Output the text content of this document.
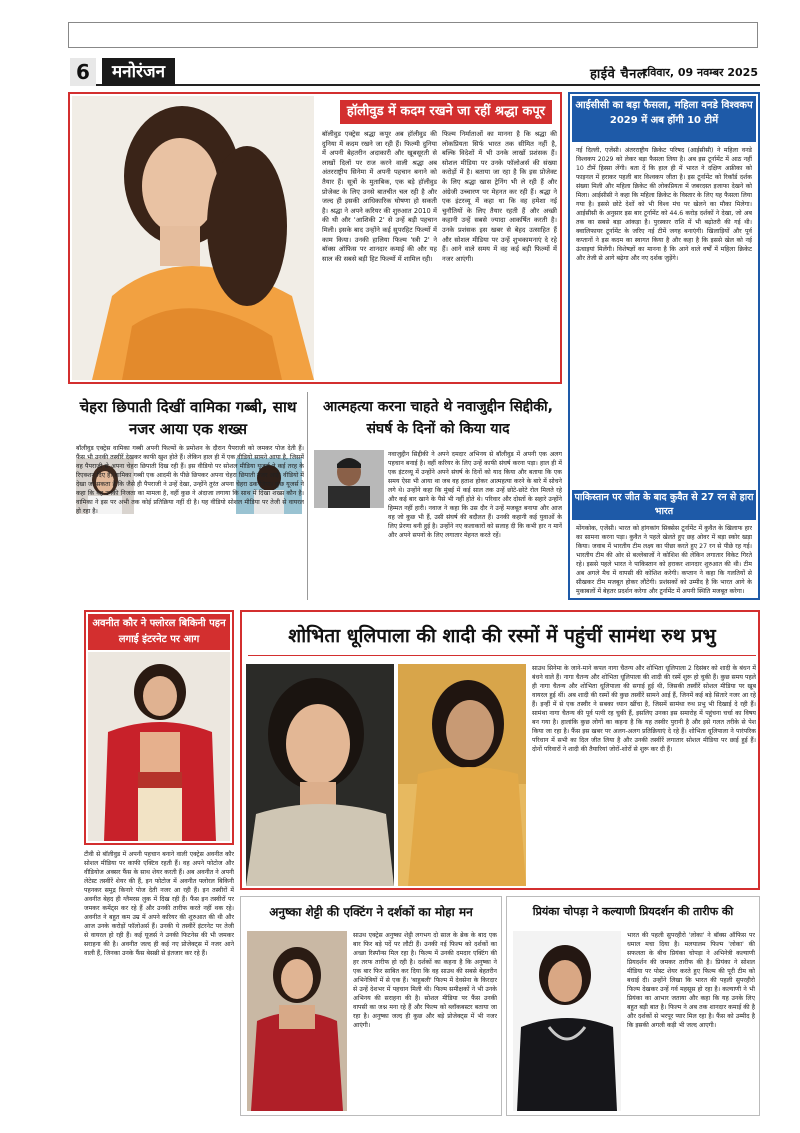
6	मनोरंजन	हाईवे चैनल
रविवार, 09 नवम्बर 2025
हॉलीवुड में कदम रखने जा रहीं श्रद्धा कपूर
बॉलीवुड एक्ट्रेस श्रद्धा कपूर अब हॉलीवुड की दुनिया में कदम रखने जा रही हैं। फिल्मी दुनिया में अपनी बेहतरीन अदाकारी और खूबसूरती से लाखों दिलों पर राज करने वाली श्रद्धा अब अंतरराष्ट्रीय सिनेमा में अपनी पहचान बनाने को तैयार हैं। सूत्रों के मुताबिक, एक बड़े हॉलीवुड प्रोजेक्ट के लिए उनसे बातचीत चल रही है और जल्द ही इसकी आधिकारिक घोषणा हो सकती है। श्रद्धा ने अपने करियर की शुरुआत 2010 में की थी और 'आशिकी 2' से उन्हें बड़ी पहचान मिली। इसके बाद उन्होंने कई सुपरहिट फिल्मों में काम किया। उनकी हालिया फिल्म 'स्त्री 2' ने बॉक्स ऑफिस पर शानदार कमाई की और यह साल की सबसे बड़ी हिट फिल्मों में शामिल रही।
फिल्म निर्माताओं का मानना है कि श्रद्धा की लोकप्रियता सिर्फ भारत तक सीमित नहीं है, बल्कि विदेशों में भी उनके लाखों प्रशंसक हैं। सोशल मीडिया पर उनके फॉलोअर्स की संख्या करोड़ों में है। बताया जा रहा है कि इस प्रोजेक्ट के लिए श्रद्धा खास ट्रेनिंग भी ले रही हैं और अंग्रेजी उच्चारण पर मेहनत कर रही हैं। श्रद्धा ने एक इंटरव्यू में कहा था कि वह हमेशा नई चुनौतियों के लिए तैयार रहती हैं और अच्छी कहानी उन्हें सबसे ज्यादा आकर्षित करती है। उनके प्रशंसक इस खबर से बेहद उत्साहित हैं और सोशल मीडिया पर उन्हें शुभकामनाएं दे रहे हैं। आने वाले समय में वह कई बड़ी फिल्मों में नजर आएंगी।
आईसीसी का बड़ा फैसला, महिला वनडे विश्वकप 2029 में अब होंगी 10 टीमें
नई दिल्ली, एजेंसी। अंतरराष्ट्रीय क्रिकेट परिषद (आईसीसी) ने महिला वनडे विश्वकप 2029 को लेकर बड़ा फैसला लिया है। अब इस टूर्नामेंट में आठ नहीं 10 टीमें हिस्सा लेंगी। बता दें कि हाल ही में भारत ने दक्षिण अफ्रीका को फाइनल में हराकर पहली बार विश्वकप जीता है। इस टूर्नामेंट को रिकॉर्ड दर्शक संख्या मिली और महिला क्रिकेट की लोकप्रियता में जबरदस्त इजाफा देखने को मिला। आईसीसी ने कहा कि महिला क्रिकेट के विस्तार के लिए यह फैसला लिया गया है। इससे छोटे देशों को भी विश्व मंच पर खेलने का मौका मिलेगा। आईसीसी के अनुसार इस बार टूर्नामेंट को 44.6 करोड़ दर्शकों ने देखा, जो अब तक का सबसे बड़ा आंकड़ा है। पुरस्कार राशि में भी बढ़ोतरी की गई थी। क्वालिफायर टूर्नामेंट के जरिए नई टीमें जगह बनाएंगी। खिलाड़ियों और पूर्व कप्तानों ने इस कदम का स्वागत किया है और कहा है कि इससे खेल को नई ऊंचाइयां मिलेंगी। विशेषज्ञों का मानना है कि आने वाले वर्षों में महिला क्रिकेट और तेजी से आगे बढ़ेगा और नए दर्शक जुड़ेंगे।
पाकिस्तान पर जीत के बाद कुवैत से 27 रन से हारा भारत
मोंगकोक, एजेंसी। भारत को हांगकांग सिक्सेस टूर्नामेंट में कुवैत के खिलाफ हार का सामना करना पड़ा। कुवैत ने पहले खेलते हुए छह ओवर में बड़ा स्कोर खड़ा किया। जवाब में भारतीय टीम लक्ष्य का पीछा करते हुए 27 रन से पीछे रह गई। भारतीय टीम की ओर से बल्लेबाजों ने कोशिश की लेकिन लगातार विकेट गिरते रहे। इससे पहले भारत ने पाकिस्तान को हराकर शानदार शुरुआत की थी। टीम अब अगले मैच में वापसी की कोशिश करेगी। कप्तान ने कहा कि गलतियों से सीखकर टीम मजबूत होकर लौटेगी। प्रशंसकों को उम्मीद है कि भारत आगे के मुकाबलों में बेहतर प्रदर्शन करेगा और टूर्नामेंट में अपनी स्थिति मजबूत करेगा।
चेहरा छिपाती दिखीं वामिका गब्बी, साथ नजर आया एक शख्स
बॉलीवुड एक्ट्रेस वामिका गब्बी अपनी फिल्मों के प्रमोशन के दौरान पैपराजी को जमकर पोज देती हैं। फैंस भी उनकी तस्वीरें देखकर काफी खुश होते हैं। लेकिन हाल ही में एक वीडियो सामने आया है, जिसमें वह पैपराजी से अपना चेहरा छिपाती दिख रही हैं। इस वीडियो पर सोशल मीडिया यूजर्स ने कई तरह के रिएक्शन दिए हैं। वामिका गब्बी एक आदमी के पीछे छिपकर अपना चेहरा छिपाती नजर आईं। वीडियो में देखा जा सकता है कि जैसे ही पैपराजी ने उन्हें देखा, उन्होंने तुरंत अपना चेहरा ढक लिया। कुछ यूजर्स ने कहा कि यह उनकी निजता का मामला है, वहीं कुछ ने अंदाजा लगाया कि साथ में दिखा शख्स कौन है। वामिका ने इस पर अभी तक कोई प्रतिक्रिया नहीं दी है। यह वीडियो सोशल मीडिया पर तेजी से वायरल हो रहा है।
आत्महत्या करना चाहते थे नवाजुद्दीन सिद्दीकी, संघर्ष के दिनों को किया याद
नवाजुद्दीन सिद्दीकी ने अपने दमदार अभिनय से बॉलीवुड में अपनी एक अलग पहचान बनाई है। वहीं करियर के लिए उन्हें काफी संघर्ष करना पड़ा। हाल ही में एक इंटरव्यू में उन्होंने अपने संघर्ष के दिनों को याद किया और बताया कि एक समय ऐसा भी आया था जब वह हताश होकर आत्महत्या करने के बारे में सोचने लगे थे। उन्होंने कहा कि मुंबई में कई साल तक उन्हें छोटे-छोटे रोल मिलते रहे और कई बार खाने के पैसे भी नहीं होते थे। परिवार और दोस्तों के सहारे उन्होंने हिम्मत नहीं हारी। नवाज ने कहा कि उस दौर ने उन्हें मजबूत बनाया और आज वह जो कुछ भी हैं, उसी संघर्ष की बदौलत हैं। उनकी कहानी कई युवाओं के लिए प्रेरणा बनी हुई है। उन्होंने नए कलाकारों को सलाह दी कि कभी हार न मानें और अपने सपनों के लिए लगातार मेहनत करते रहें।
अवनीत कौर ने फ्लोरल बिकिनी पहन लगाई इंटरनेट पर आग
टीवी से बॉलीवुड में अपनी पहचान बनाने वाली एक्ट्रेस अवनीत कौर सोशल मीडिया पर काफी एक्टिव रहती हैं। वह अपने फोटोज और वीडियोज अक्सर फैंस के साथ शेयर करती हैं। अब अवनीत ने अपनी लेटेस्ट तस्वीरें शेयर की हैं, इन फोटोज में अवनीत फ्लोरल बिकिनी पहनकर समुद्र किनारे पोज देती नजर आ रही हैं। इन तस्वीरों में अवनीत बेहद ही ग्लैमरस लुक में दिख रही हैं। फैंस इन तस्वीरों पर जमकर कमेंट्स कर रहे हैं और उनकी तारीफ करते नहीं थक रहे। अवनीत ने बहुत कम उम्र में अपने करियर की शुरुआत की थी और आज उनके करोड़ों फॉलोअर्स हैं। उनकी ये तस्वीरें इंटरनेट पर तेजी से वायरल हो रही हैं। कई यूजर्स ने उनकी फिटनेस की भी जमकर सराहना की है। अवनीत जल्द ही कई नए प्रोजेक्ट्स में नजर आने वाली हैं, जिनका उनके फैंस बेसब्री से इंतजार कर रहे हैं।
शोभिता धूलिपाला की शादी की रस्मों में पहुंचीं सामंथा रुथ प्रभु
साउथ सिनेमा के जाने-माने कपल नागा चैतन्य और शोभिता धूलिपाला 2 दिसंबर को शादी के बंधन में बंधने वाले हैं। नागा चैतन्य और शोभिता धूलिपाला की शादी की रस्में शुरू हो चुकी हैं। कुछ समय पहले ही नागा चैतन्य और शोभिता धूलिपाला की सगाई हुई थी, जिसकी तस्वीरें सोशल मीडिया पर खूब वायरल हुई थीं। अब शादी की रस्मों की कुछ तस्वीरें सामने आई हैं, जिनमें कई बड़े सितारे नजर आ रहे हैं। इन्हीं में से एक तस्वीर ने सबका ध्यान खींचा है, जिसमें सामंथा रुथ प्रभु भी दिखाई दे रही हैं। सामंथा नागा चैतन्य की पूर्व पत्नी रह चुकी हैं, इसलिए उनका इस समारोह में पहुंचना चर्चा का विषय बन गया है। हालांकि कुछ लोगों का कहना है कि यह तस्वीर पुरानी है और इसे गलत तरीके से पेश किया जा रहा है। फैंस इस खबर पर अलग-अलग प्रतिक्रियाएं दे रहे हैं। शोभिता धूलिपाला ने पारंपरिक परिधान में सभी का दिल जीत लिया है और उनकी तस्वीरें लगातार सोशल मीडिया पर छाई हुई हैं। दोनों परिवारों ने शादी की तैयारियां जोरों-शोरों से शुरू कर दी हैं।
अनुष्का शेट्टी की एक्टिंग ने दर्शकों का मोहा मन
साउथ एक्ट्रेस अनुष्का शेट्टी लगभग दो साल के ब्रेक के बाद एक बार फिर बड़े पर्दे पर लौटी हैं। उनकी नई फिल्म को दर्शकों का अच्छा रिस्पॉन्स मिल रहा है। फिल्म में उनकी दमदार एक्टिंग की हर तरफ तारीफ हो रही है। दर्शकों का कहना है कि अनुष्का ने एक बार फिर साबित कर दिया कि वह साउथ की सबसे बेहतरीन अभिनेत्रियों में से एक हैं। 'बाहुबली' फिल्म में देवसेना के किरदार से उन्हें देशभर में पहचान मिली थी। फिल्म समीक्षकों ने भी उनके अभिनय की सराहना की है। सोशल मीडिया पर फैंस उनकी वापसी का जश्न मना रहे हैं और फिल्म को ब्लॉकबस्टर बताया जा रहा है। अनुष्का जल्द ही कुछ और बड़े प्रोजेक्ट्स में भी नजर आएंगी।
प्रियंका चोपड़ा ने कल्याणी प्रियदर्शन की तारीफ की
भारत की पहली सुपरहीरो 'लोका' ने बॉक्स ऑफिस पर धमाल मचा दिया है। मलयालम फिल्म 'लोका' की सफलता के बीच प्रियंका चोपड़ा ने अभिनेत्री कल्याणी प्रियदर्शन की जमकर तारीफ की है। प्रियंका ने सोशल मीडिया पर पोस्ट शेयर करते हुए फिल्म की पूरी टीम को बधाई दी। उन्होंने लिखा कि भारत की पहली सुपरहीरो फिल्म देखकर उन्हें गर्व महसूस हो रहा है। कल्याणी ने भी प्रियंका का आभार जताया और कहा कि यह उनके लिए बहुत बड़ी बात है। फिल्म ने अब तक शानदार कमाई की है और दर्शकों से भरपूर प्यार मिल रहा है। फैंस को उम्मीद है कि इसकी अगली कड़ी भी जल्द आएगी।
